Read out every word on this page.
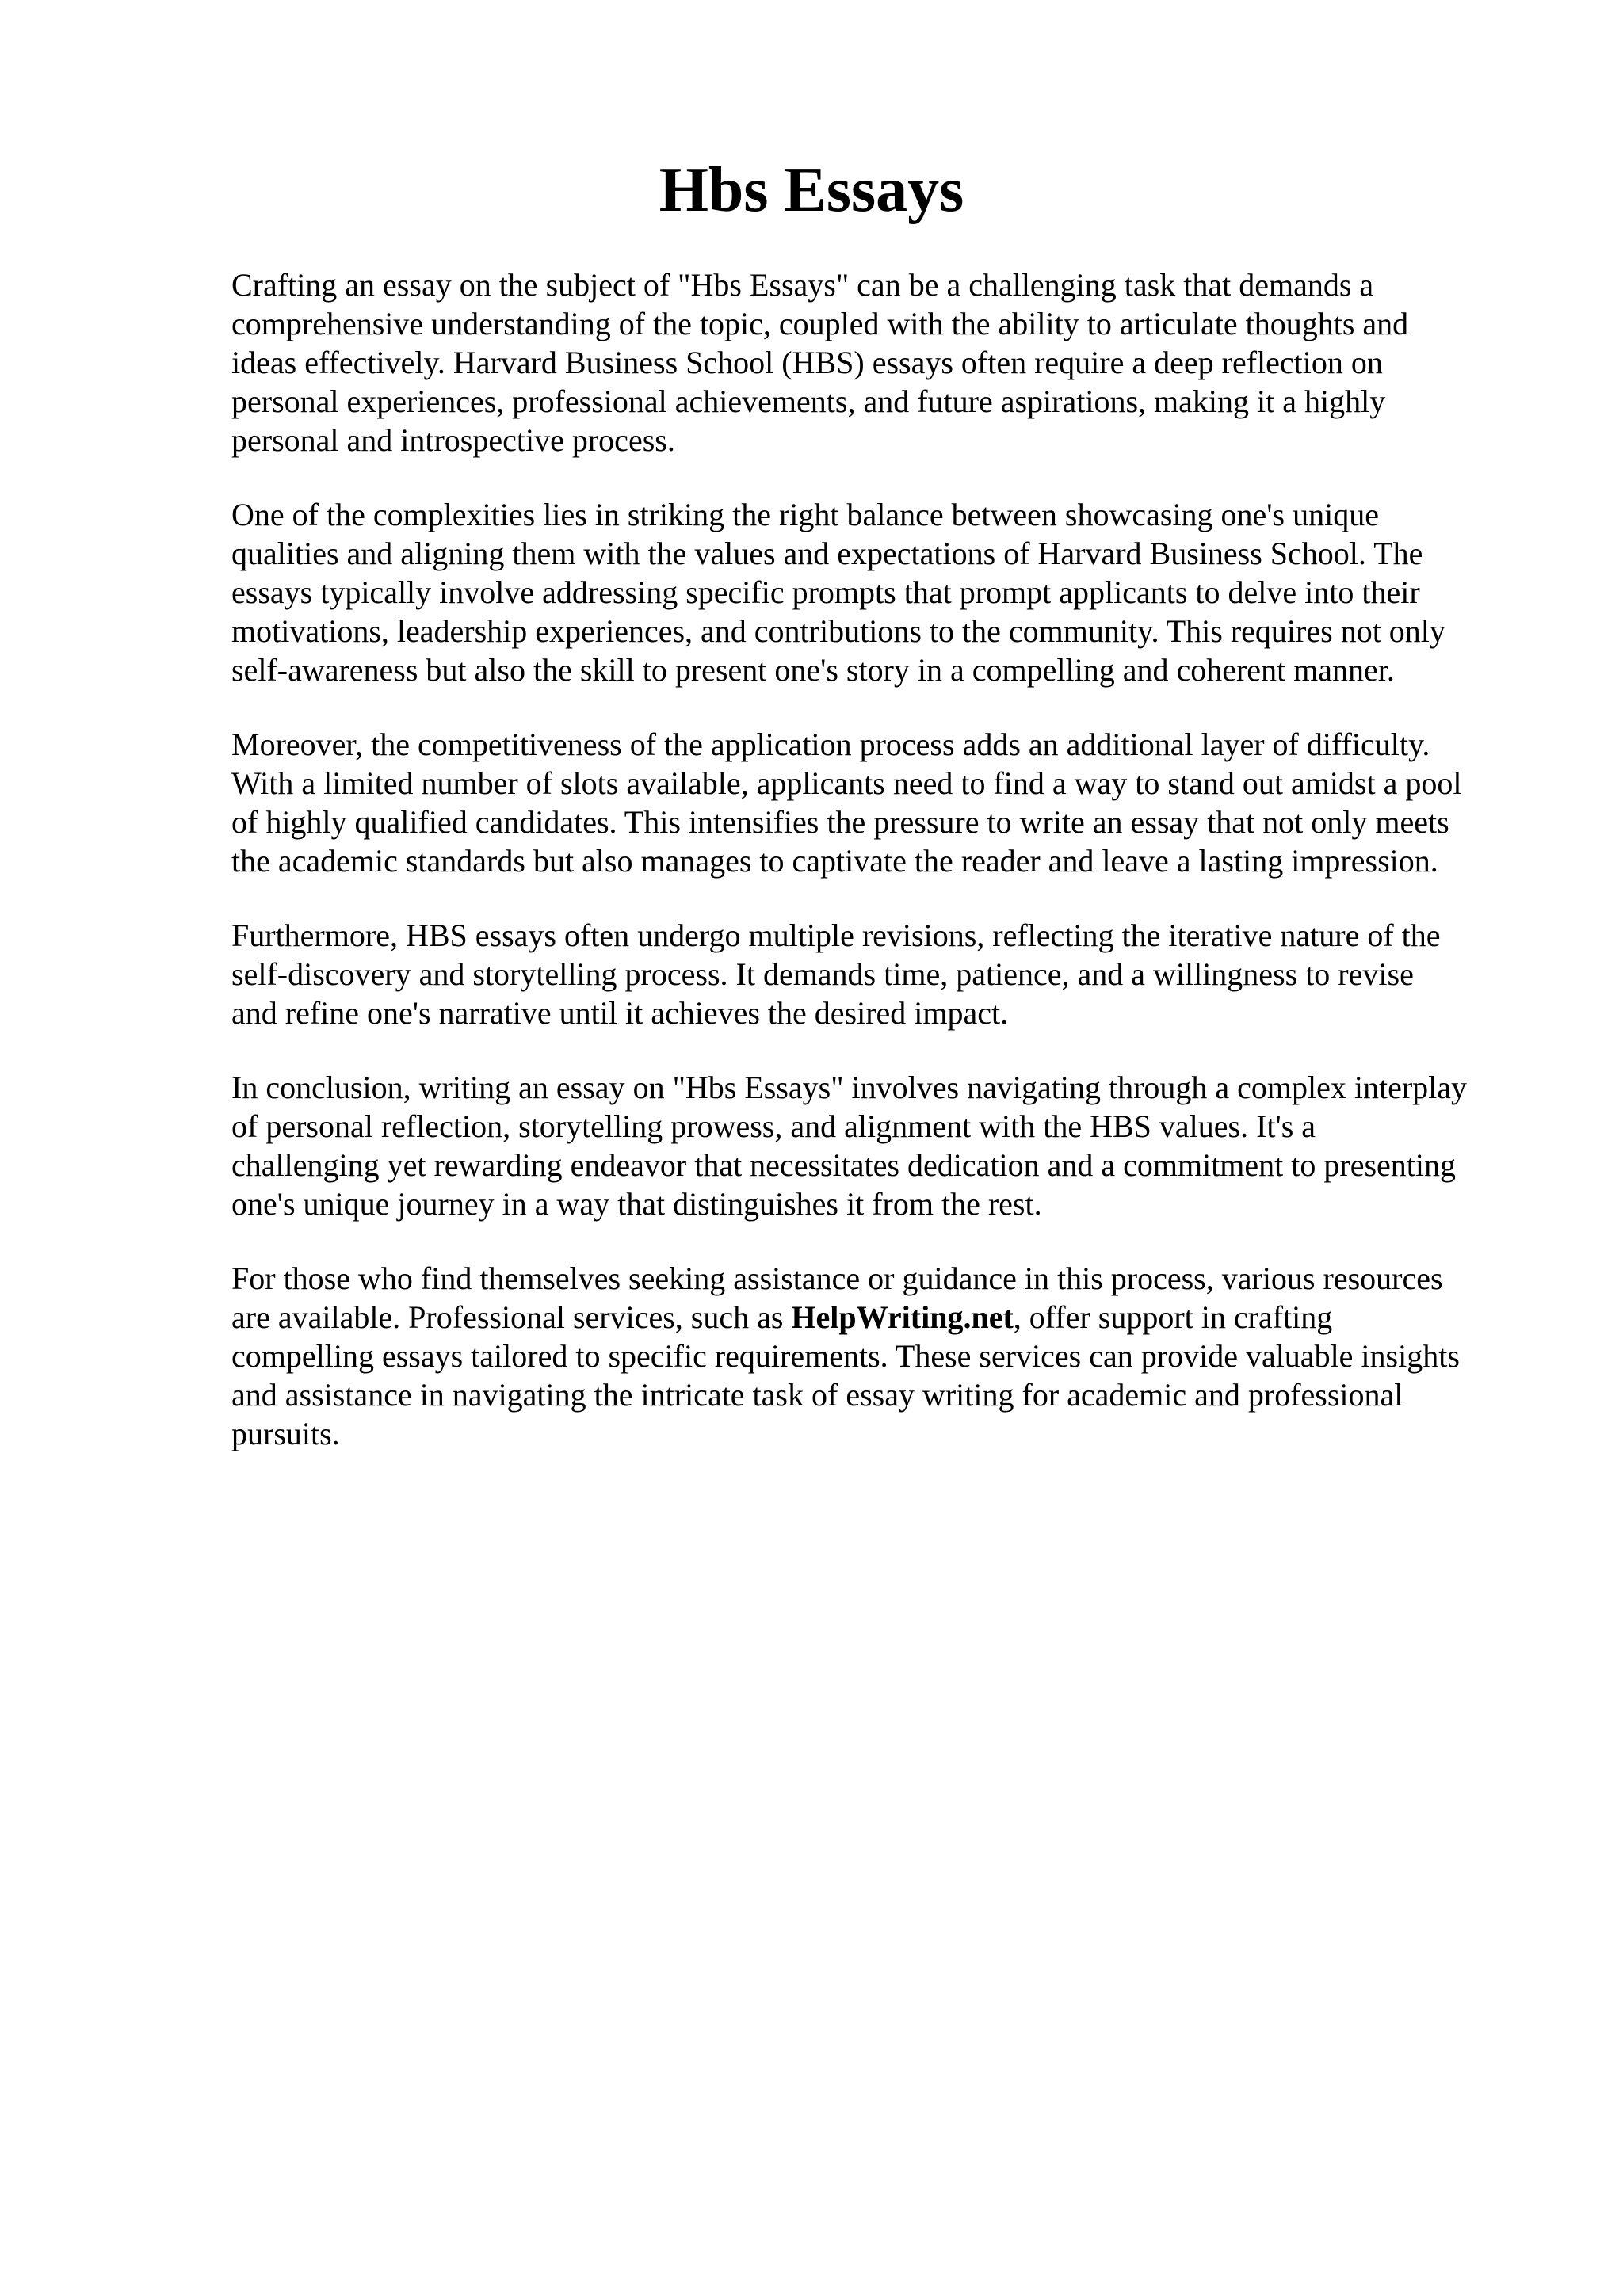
Hbs Essays

Crafting an essay on the subject of "Hbs Essays" can be a challenging task that demands a
comprehensive understanding of the topic, coupled with the ability to articulate thoughts and
ideas effectively. Harvard Business School (HBS) essays often require a deep reflection on
personal experiences, professional achievements, and future aspirations, making it a highly
personal and introspective process.

One of the complexities lies in striking the right balance between showcasing one's unique
qualities and aligning them with the values and expectations of Harvard Business School. The
essays typically involve addressing specific prompts that prompt applicants to delve into their
motivations, leadership experiences, and contributions to the community. This requires not only
self-awareness but also the skill to present one's story in a compelling and coherent manner.

Moreover, the competitiveness of the application process adds an additional layer of difficulty.
With a limited number of slots available, applicants need to find a way to stand out amidst a pool
of highly qualified candidates. This intensifies the pressure to write an essay that not only meets
the academic standards but also manages to captivate the reader and leave a lasting impression.

Furthermore, HBS essays often undergo multiple revisions, reflecting the iterative nature of the
self-discovery and storytelling process. It demands time, patience, and a willingness to revise
and refine one's narrative until it achieves the desired impact.

In conclusion, writing an essay on "Hbs Essays" involves navigating through a complex interplay
of personal reflection, storytelling prowess, and alignment with the HBS values. It's a
challenging yet rewarding endeavor that necessitates dedication and a commitment to presenting
one's unique journey in a way that distinguishes it from the rest.

For those who find themselves seeking assistance or guidance in this process, various resources
are available. Professional services, such as HelpWriting.net, offer support in crafting
compelling essays tailored to specific requirements. These services can provide valuable insights
and assistance in navigating the intricate task of essay writing for academic and professional
pursuits.
